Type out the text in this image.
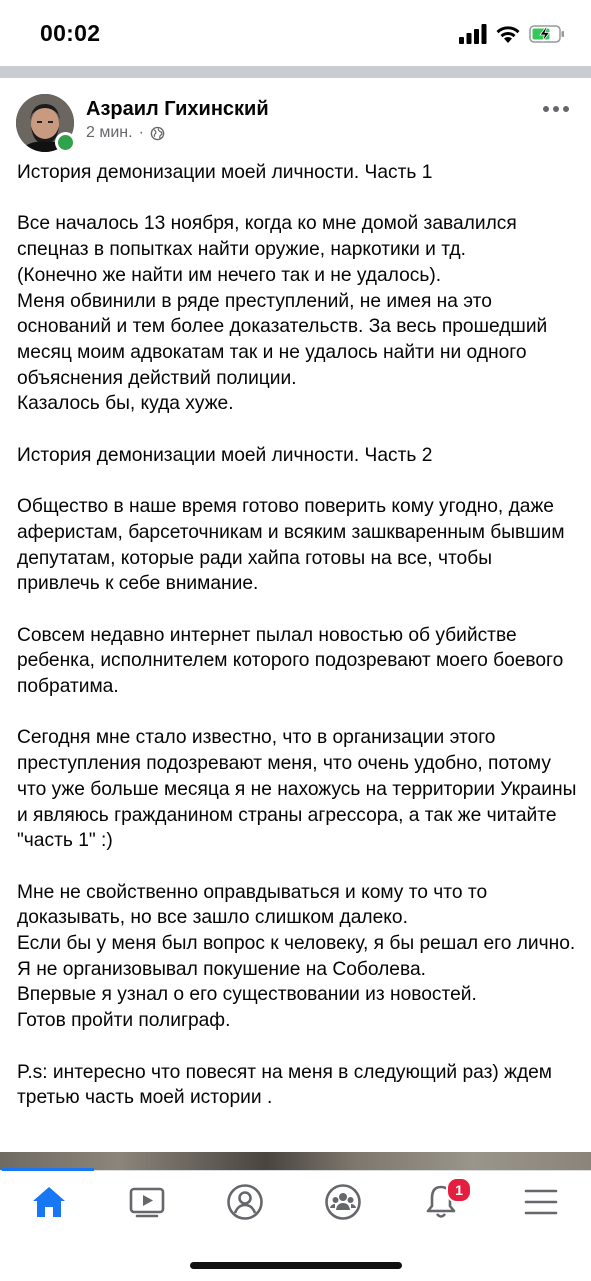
00:02
Азраил Гихинский
2 мин. ·

История демонизации моей личности. Часть 1

Все началось 13 ноября, когда ко мне домой завалился спецназ в попытках найти оружие, наркотики и тд.
(Конечно же найти им нечего так и не удалось).
Меня обвинили в ряде преступлений, не имея на это оснований и тем более доказательств. За весь прошедший месяц моим адвокатам так и не удалось найти ни одного объяснения действий полиции.
Казалось бы, куда хуже.

История демонизации моей личности. Часть 2

Общество в наше время готово поверить кому угодно, даже аферистам, барсеточникам и всяким зашкваренным бывшим депутатам, которые ради хайпа готовы на все, чтобы привлечь к себе внимание.

Совсем недавно интернет пылал новостью об убийстве ребенка, исполнителем которого подозревают моего боевого побратима.

Сегодня мне стало известно, что в организации этого преступления подозревают меня, что очень удобно, потому что уже больше месяца я не нахожусь на территории Украины и являюсь гражданином страны агрессора, а так же читайте "часть 1" :)

Мне не свойственно оправдываться и кому то что то доказывать, но все зашло слишком далеко.
Если бы у меня был вопрос к человеку, я бы решал его лично.
Я не организовывал покушение на Соболева.
Впервые я узнал о его существовании из новостей.
Готов пройти полиграф.

P.s: интересно что повесят на меня в следующий раз) ждем третью часть моей истории .

1
